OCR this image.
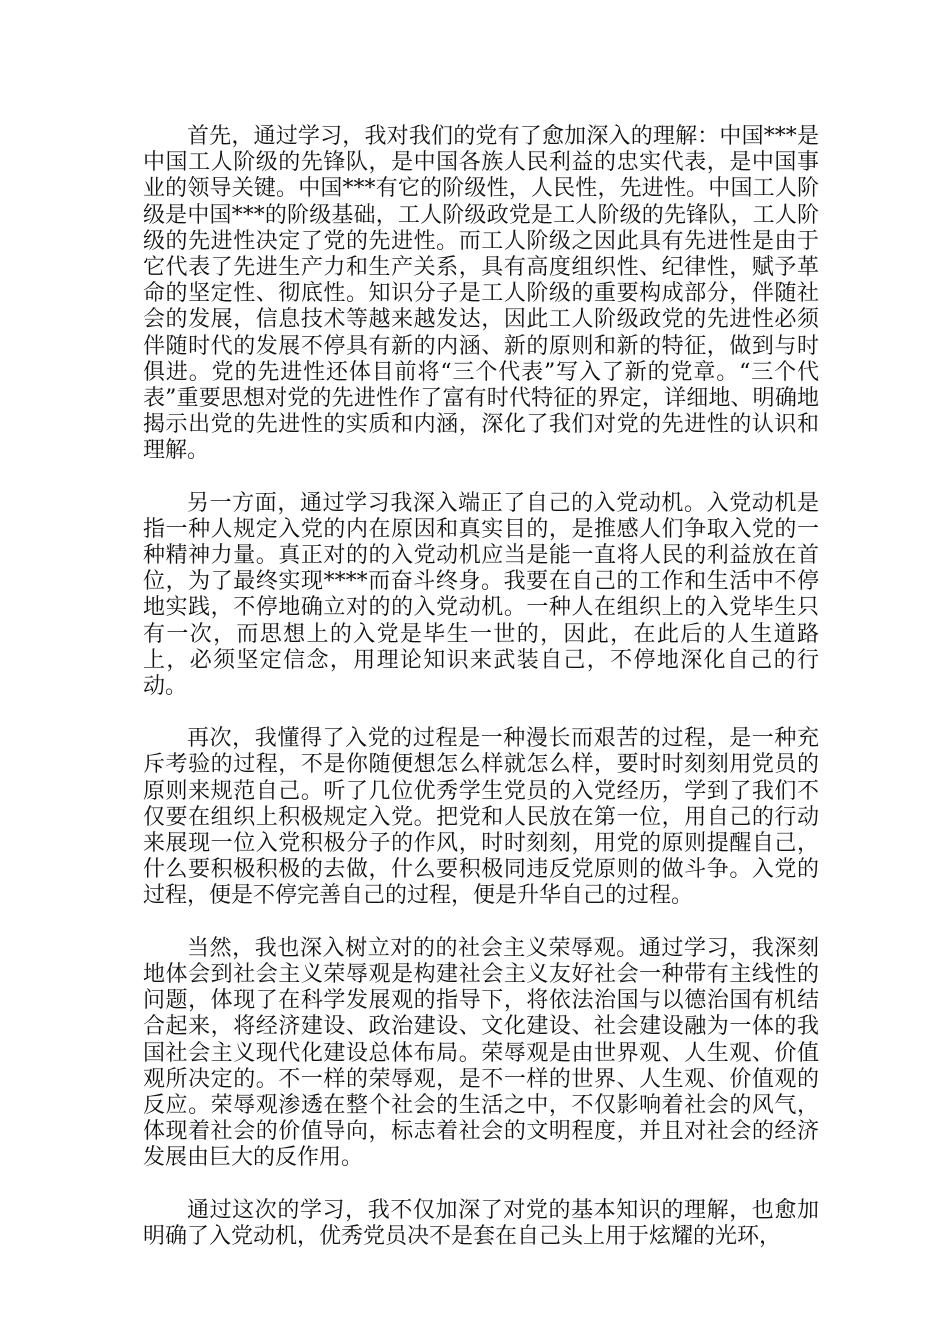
首先，通过学习，我对我们的党有了愈加深入的理解：中国***是中国工人阶级的先锋队，是中国各族人民利益的忠实代表，是中国事业的领导关键。中国***有它的阶级性，人民性，先进性。中国工人阶级是中国***的阶级基础，工人阶级政党是工人阶级的先锋队，工人阶级的先进性决定了党的先进性。而工人阶级之因此具有先进性是由于它代表了先进生产力和生产关系，具有高度组织性、纪律性，赋予革命的坚定性、彻底性。知识分子是工人阶级的重要构成部分，伴随社会的发展，信息技术等越来越发达，因此工人阶级政党的先进性必须伴随时代的发展不停具有新的内涵、新的原则和新的特征，做到与时俱进。党的先进性还体目前将“三个代表”写入了新的党章。“三个代表”重要思想对党的先进性作了富有时代特征的界定，详细地、明确地揭示出党的先进性的实质和内涵，深化了我们对党的先进性的认识和理解。

另一方面，通过学习我深入端正了自己的入党动机。入党动机是指一种人规定入党的内在原因和真实目的，是推感人们争取入党的一种精神力量。真正对的的入党动机应当是能一直将人民的利益放在首位，为了最终实现****而奋斗终身。我要在自己的工作和生活中不停地实践，不停地确立对的的入党动机。一种人在组织上的入党毕生只有一次，而思想上的入党是毕生一世的，因此，在此后的人生道路上，必须坚定信念，用理论知识来武装自己，不停地深化自己的行动。

再次，我懂得了入党的过程是一种漫长而艰苦的过程，是一种充斥考验的过程，不是你随便想怎么样就怎么样，要时时刻刻用党员的原则来规范自己。听了几位优秀学生党员的入党经历，学到了我们不仅要在组织上积极规定入党。把党和人民放在第一位，用自己的行动来展现一位入党积极分子的作风，时时刻刻，用党的原则提醒自己，什么要积极积极的去做，什么要积极同违反党原则的做斗争。入党的过程，便是不停完善自己的过程，便是升华自己的过程。

当然，我也深入树立对的的社会主义荣辱观。通过学习，我深刻地体会到社会主义荣辱观是构建社会主义友好社会一种带有主线性的问题，体现了在科学发展观的指导下，将依法治国与以德治国有机结合起来，将经济建设、政治建设、文化建设、社会建设融为一体的我国社会主义现代化建设总体布局。荣辱观是由世界观、人生观、价值观所决定的。不一样的荣辱观，是不一样的世界、人生观、价值观的反应。荣辱观渗透在整个社会的生活之中，不仅影响着社会的风气，体现着社会的价值导向，标志着社会的文明程度，并且对社会的经济发展由巨大的反作用。

通过这次的学习，我不仅加深了对党的基本知识的理解，也愈加明确了入党动机，优秀党员决不是套在自己头上用于炫耀的光环，
